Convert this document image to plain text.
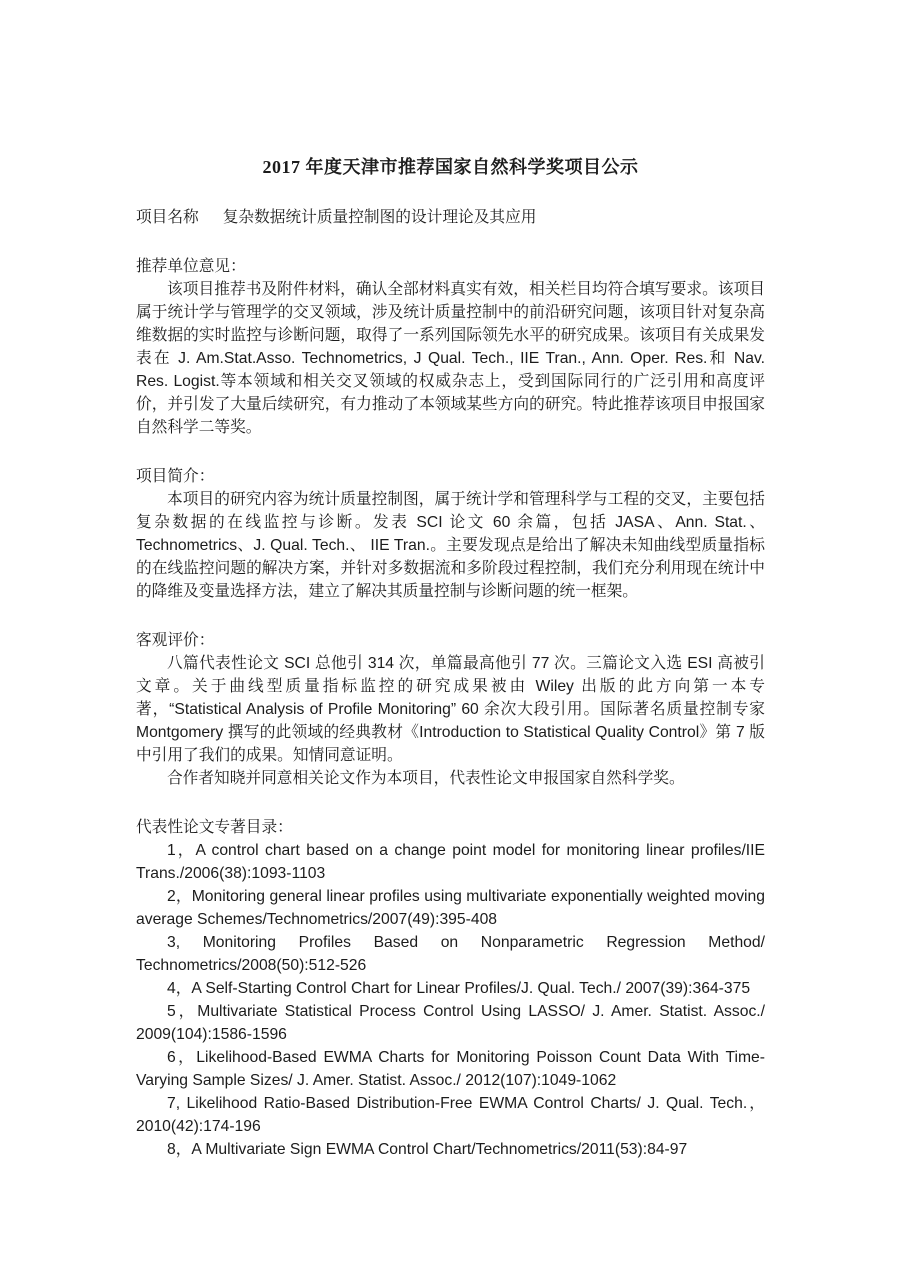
2017 年度天津市推荐国家自然科学奖项目公示
项目名称 复杂数据统计质量控制图的设计理论及其应用
推荐单位意见：

该项目推荐书及附件材料，确认全部材料真实有效，相关栏目均符合填写要求。该项目属于统计学与管理学的交叉领域，涉及统计质量控制中的前沿研究问题，该项目针对复杂高维数据的实时监控与诊断问题，取得了一系列国际领先水平的研究成果。该项目有关成果发表在 J. Am.Stat.Asso. Technometrics, J Qual. Tech., IIE Tran., Ann. Oper. Res.和 Nav. Res. Logist.等本领域和相关交叉领域的权威杂志上，受到国际同行的广泛引用和高度评价，并引发了大量后续研究，有力推动了本领域某些方向的研究。特此推荐该项目申报国家自然科学二等奖。

项目简介：

本项目的研究内容为统计质量控制图，属于统计学和管理科学与工程的交叉，主要包括复杂数据的在线监控与诊断。发表 SCI 论文 60 余篇，包括 JASA、Ann. Stat.、Technometrics、J. Qual. Tech.、 IIE Tran.。主要发现点是给出了解决未知曲线型质量指标的在线监控问题的解决方案，并针对多数据流和多阶段过程控制，我们充分利用现在统计中的降维及变量选择方法，建立了解决其质量控制与诊断问题的统一框架。

客观评价：

八篇代表性论文 SCI 总他引 314 次，单篇最高他引 77 次。三篇论文入选 ESI 高被引文章。关于曲线型质量指标监控的研究成果被由 Wiley 出版的此方向第一本专著，“Statistical Analysis of Profile Monitoring” 60 余次大段引用。国际著名质量控制专家 Montgomery 撰写的此领域的经典教材《Introduction to Statistical Quality Control》第 7 版中引用了我们的成果。知情同意证明。

合作者知晓并同意相关论文作为本项目，代表性论文申报国家自然科学奖。

代表性论文专著目录：

1，A control chart based on a change point model for monitoring linear profiles/IIE Trans./2006(38):1093-1103

2，Monitoring general linear profiles using multivariate exponentially weighted moving average Schemes/Technometrics/2007(49):395-408

3, Monitoring Profiles Based on Nonparametric Regression Method/ Technometrics/2008(50):512-526

4，A Self-Starting Control Chart for Linear Profiles/J. Qual. Tech./ 2007(39):364-375

5，Multivariate Statistical Process Control Using LASSO/ J. Amer. Statist. Assoc./ 2009(104):1586-1596

6，Likelihood-Based EWMA Charts for Monitoring Poisson Count Data With Time-Varying Sample Sizes/ J. Amer. Statist. Assoc./ 2012(107):1049-1062

7, Likelihood Ratio-Based Distribution-Free EWMA Control Charts/ J. Qual. Tech.，2010(42):174-196

8，A Multivariate Sign EWMA Control Chart/Technometrics/2011(53):84-97
